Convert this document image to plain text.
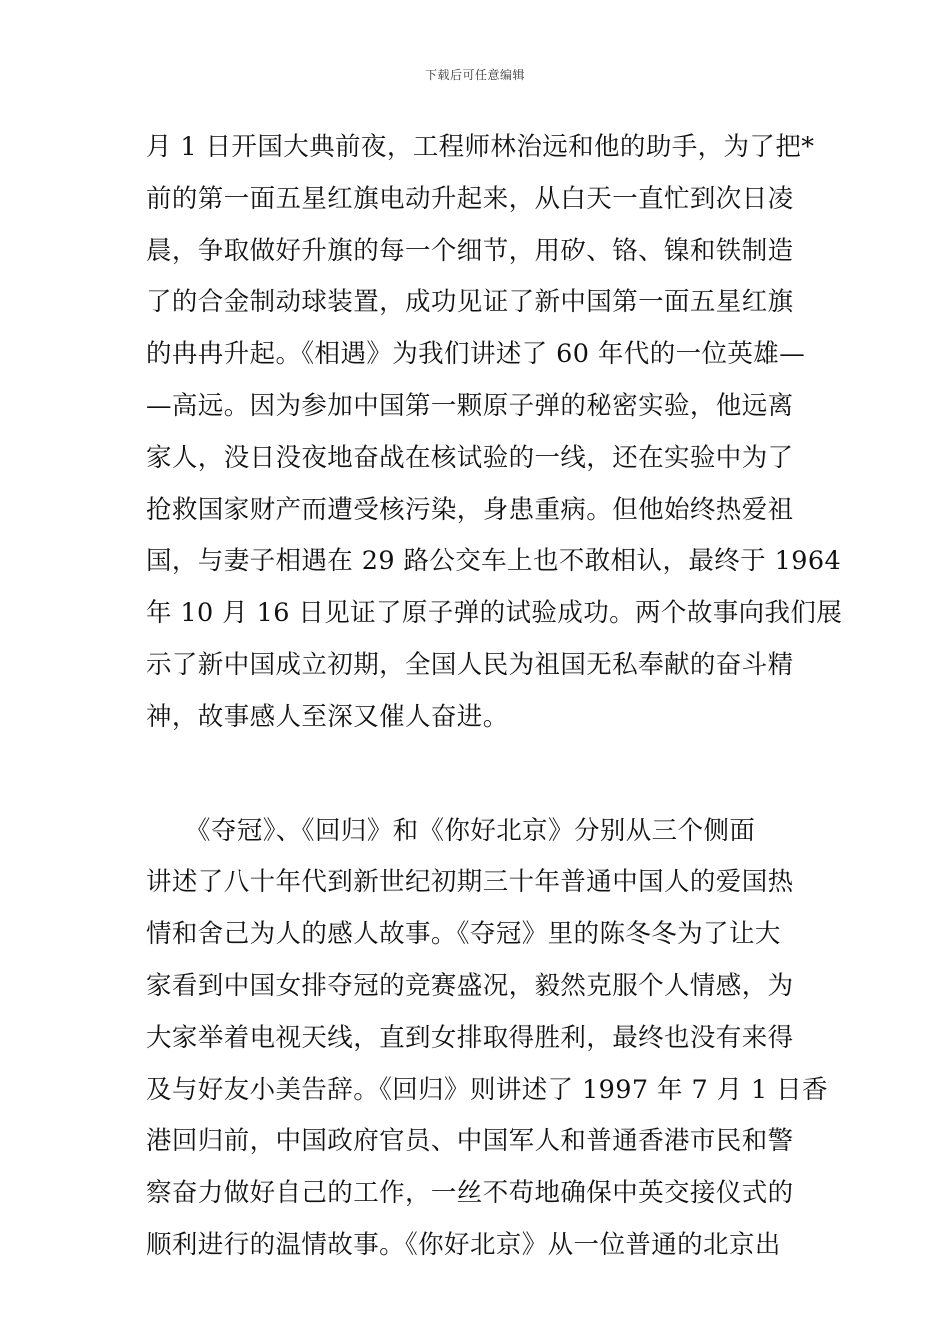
下载后可任意编辑
月 1 日开国大典前夜，工程师林治远和他的助手，为了把*
前的第一面五星红旗电动升起来，从白天一直忙到次日凌
晨，争取做好升旗的每一个细节，用矽、铬、镍和铁制造
了的合金制动球装置，成功见证了新中国第一面五星红旗
的冉冉升起。《相遇》为我们讲述了 60 年代的一位英雄—
—高远。因为参加中国第一颗原子弹的秘密实验，他远离
家人，没日没夜地奋战在核试验的一线，还在实验中为了
抢救国家财产而遭受核污染，身患重病。但他始终热爱祖
国，与妻子相遇在 29 路公交车上也不敢相认，最终于 1964
年 10 月 16 日见证了原子弹的试验成功。两个故事向我们展
示了新中国成立初期，全国人民为祖国无私奉献的奋斗精
神，故事感人至深又催人奋进。
　　《夺冠》、《回归》和《你好北京》分别从三个侧面
讲述了八十年代到新世纪初期三十年普通中国人的爱国热
情和舍己为人的感人故事。《夺冠》里的陈冬冬为了让大
家看到中国女排夺冠的竞赛盛况，毅然克服个人情感，为
大家举着电视天线，直到女排取得胜利，最终也没有来得
及与好友小美告辞。《回归》则讲述了 1997 年 7 月 1 日香
港回归前，中国政府官员、中国军人和普通香港市民和警
察奋力做好自己的工作，一丝不苟地确保中英交接仪式的
顺利进行的温情故事。《你好北京》从一位普通的北京出
